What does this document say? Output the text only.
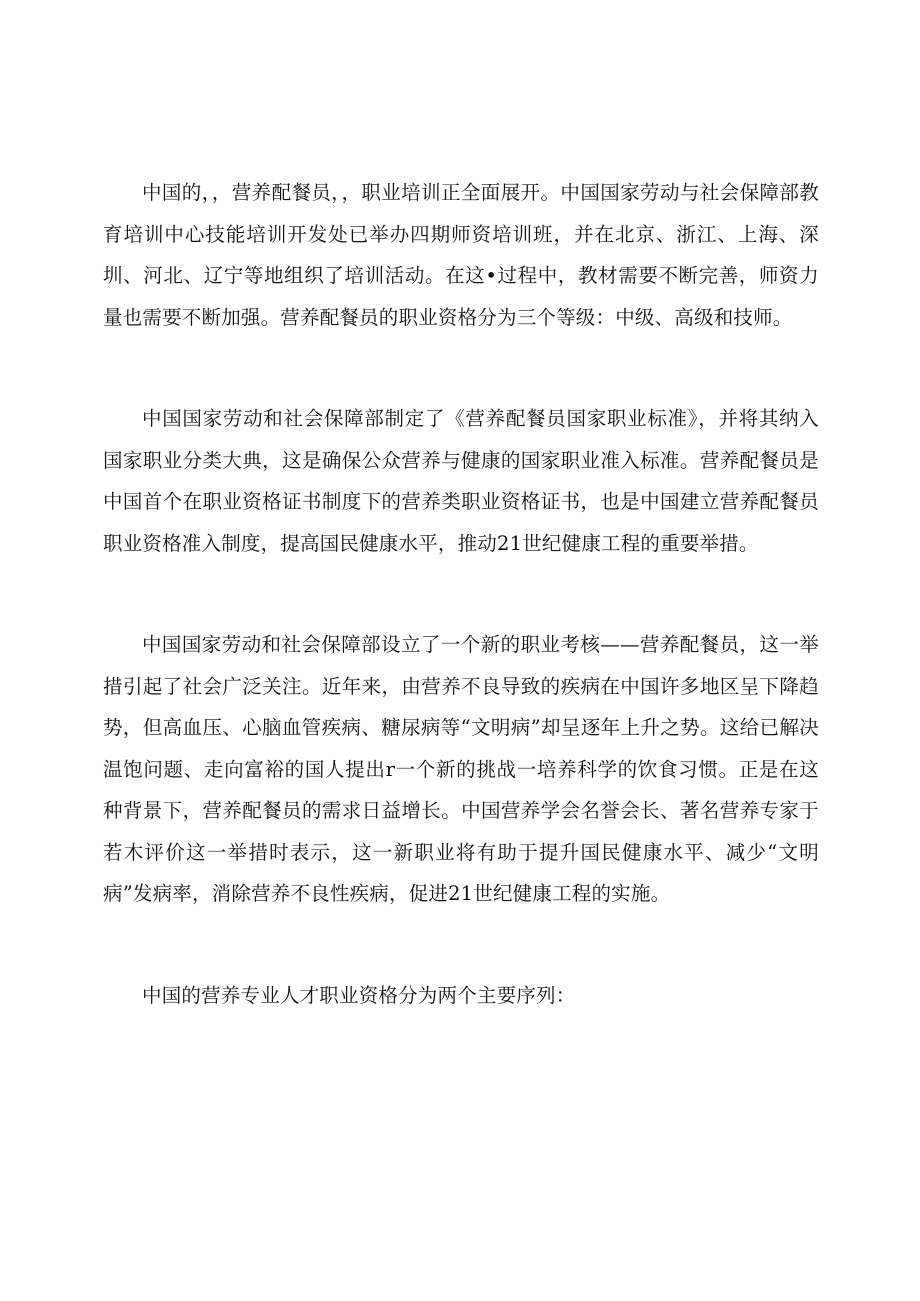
中国的，，营养配餐员，，职业培训正全面展开。中国国家劳动与社会保障部教育培训中心技能培训开发处已举办四期师资培训班，并在北京、浙江、上海、深圳、河北、辽宁等地组织了培训活动。在这•过程中，教材需要不断完善，师资力量也需要不断加强。营养配餐员的职业资格分为三个等级：中级、高级和技师。

中国国家劳动和社会保障部制定了《营养配餐员国家职业标准》，并将其纳入国家职业分类大典，这是确保公众营养与健康的国家职业准入标准。营养配餐员是中国首个在职业资格证书制度下的营养类职业资格证书，也是中国建立营养配餐员职业资格准入制度，提高国民健康水平，推动21世纪健康工程的重要举措。

中国国家劳动和社会保障部设立了一个新的职业考核——营养配餐员，这一举措引起了社会广泛关注。近年来，由营养不良导致的疾病在中国许多地区呈下降趋势，但高血压、心脑血管疾病、糖尿病等“文明病”却呈逐年上升之势。这给已解决温饱问题、走向富裕的国人提出r一个新的挑战一培养科学的饮食习惯。正是在这种背景下，营养配餐员的需求日益增长。中国营养学会名誉会长、著名营养专家于若木评价这一举措时表示，这一新职业将有助于提升国民健康水平、减少“文明病”发病率，消除营养不良性疾病，促进21世纪健康工程的实施。

中国的营养专业人才职业资格分为两个主要序列：
